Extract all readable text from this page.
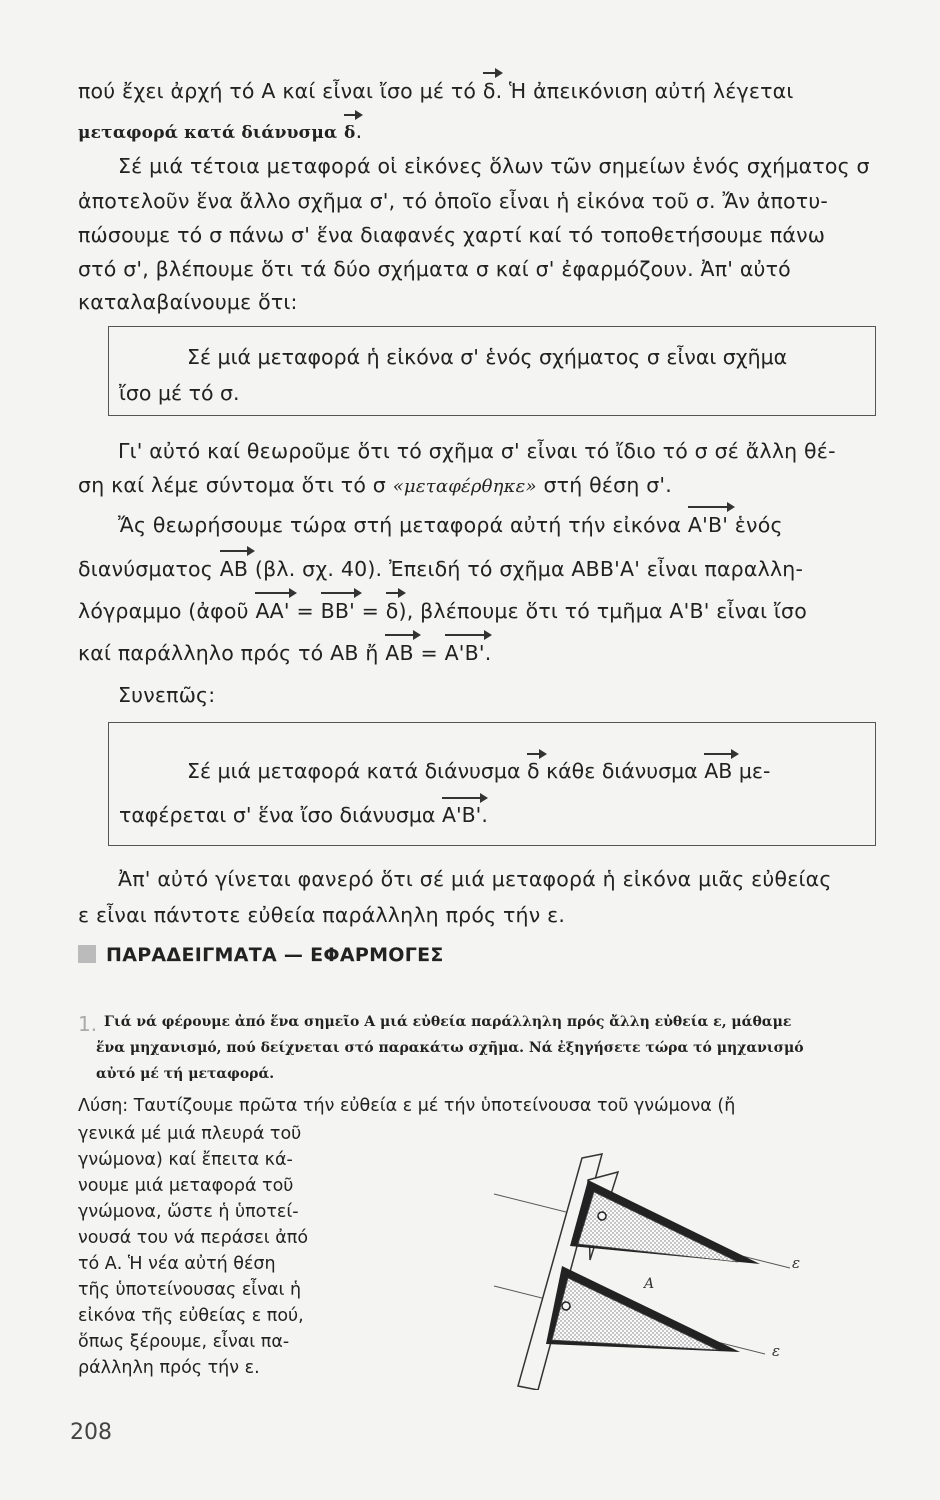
πού ἔχει ἀρχή τό Α καί εἶναι ἴσο μέ τό δ. Ἡ ἀπεικόνιση αὐτή λέγεται
μεταφορά κατά διάνυσμα δ.
Σέ μιά τέτοια μεταφορά οἱ εἰκόνες ὅλων τῶν σημείων ἑνός σχήματος σ
ἀποτελοῦν ἕνα ἄλλο σχῆμα σ', τό ὁποῖο εἶναι ἡ εἰκόνα τοῦ σ. Ἄν ἀποτυ-
πώσουμε τό σ πάνω σ' ἕνα διαφανές χαρτί καί τό τοποθετήσουμε πάνω
στό σ', βλέπουμε ὅτι τά δύο σχήματα σ καί σ' ἐφαρμόζουν. Ἀπ' αὐτό
καταλαβαίνουμε ὅτι:
Σέ μιά μεταφορά ἡ εἰκόνα σ' ἑνός σχήματος σ εἶναι σχῆμα
ἴσο μέ τό σ.
Γι' αὐτό καί θεωροῦμε ὅτι τό σχῆμα σ' εἶναι τό ἴδιο τό σ σέ ἄλλη θέ-
ση καί λέμε σύντομα ὅτι τό σ «μεταφέρθηκε» στή θέση σ'.
Ἄς θεωρήσουμε τώρα στή μεταφορά αὐτή τήν εἰκόνα Α'Β' ἑνός
διανύσματος ΑΒ (βλ. σχ. 40). Ἐπειδή τό σχῆμα ΑΒΒ'Α' εἶναι παραλλη-
λόγραμμο (ἀφοῦ ΑΑ' = ΒΒ' = δ), βλέπουμε ὅτι τό τμῆμα Α'Β' εἶναι ἴσο
καί παράλληλο πρός τό ΑΒ ἤ ΑΒ = Α'Β'.
Συνεπῶς:
Σέ μιά μεταφορά κατά διάνυσμα δ κάθε διάνυσμα ΑΒ με-
ταφέρεται σ' ἕνα ἴσο διάνυσμα Α'Β'.
Ἀπ' αὐτό γίνεται φανερό ὅτι σέ μιά μεταφορά ἡ εἰκόνα μιᾶς εὐθείας
ε εἶναι πάντοτε εὐθεία παράλληλη πρός τήν ε.
ΠΑΡΑΔΕΙΓΜΑΤΑ — ΕΦΑΡΜΟΓΕΣ
1. Γιά νά φέρουμε ἀπό ἕνα σημεῖο Α μιά εὐθεία παράλληλη πρός ἄλλη εὐθεία ε, μάθαμε
ἕνα μηχανισμό, πού δείχνεται στό παρακάτω σχῆμα. Νά ἐξηγήσετε τώρα τό μηχανισμό
αὐτό μέ τή μεταφορά.
Λύση: Ταυτίζουμε πρῶτα τήν εὐθεία ε μέ τήν ὑποτείνουσα τοῦ γνώμονα (ἤ
γενικά μέ μιά πλευρά τοῦ
γνώμονα) καί ἔπειτα κά-
νουμε μιά μεταφορά τοῦ
γνώμονα, ὥστε ἡ ὑποτεί-
νουσά του νά περάσει ἀπό
τό Α. Ἡ νέα αὐτή θέση
τῆς ὑποτείνουσας εἶναι ἡ
εἰκόνα τῆς εὐθείας ε πού,
ὅπως ξέρουμε, εἶναι πα-
ράλληλη πρός τήν ε.
A
ε
ε
208
